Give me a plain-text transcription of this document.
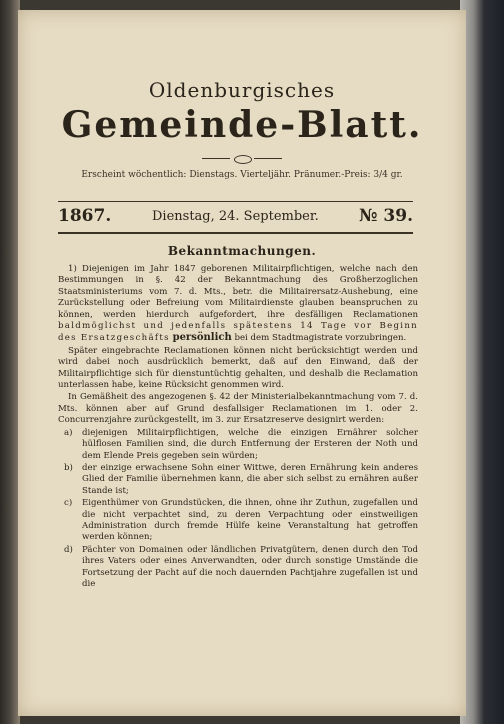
Oldenburgisches
Gemeinde-Blatt.
Erscheint wöchentlich: Dienstags. Vierteljähr. Pränumer.-Preis: 3/4 gr.
1867.	Dienstag, 24. September. № 39.
Bekanntmachungen.

1) Diejenigen im Jahr 1847 geborenen Militairpflichtigen, welche nach den Bestimmungen in §. 42 der Bekanntmachung des Großherzoglichen Staatsministeriums vom 7. d. Mts., betr. die Militairersatz-Aushebung, eine Zurückstellung oder Befreiung vom Militairdienste glauben beanspruchen zu können, werden hierdurch aufgefordert, ihre desfälligen Reclamationen baldmöglichst und jedenfalls spätestens 14 Tage vor Beginn des Ersatzgeschäfts persönlich bei dem Stadtmagistrate vorzubringen.

Später eingebrachte Reclamationen können nicht berücksichtigt werden und wird dabei noch ausdrücklich bemerkt, daß auf den Einwand, daß der Militairpflichtige sich für dienstuntüchtig gehalten, und deshalb die Reclamation unterlassen habe, keine Rücksicht genommen wird.

In Gemäßheit des angezogenen §. 42 der Ministerialbekanntmachung vom 7. d. Mts. können aber auf Grund desfallsiger Reclamationen im 1. oder 2. Concurrenzjahre zurückgestellt, im 3. zur Ersatzreserve designirt werden:

a) diejenigen Militairpflichtigen, welche die einzigen Ernährer solcher hülflosen Familien sind, die durch Entfernung der Ersteren der Noth und dem Elende Preis gegeben sein würden;
b) der einzige erwachsene Sohn einer Wittwe, deren Ernährung kein anderes Glied der Familie übernehmen kann, die aber sich selbst zu ernähren außer Stande ist;
c) Eigenthümer von Grundstücken, die ihnen, ohne ihr Zuthun, zugefallen und die nicht verpachtet sind, zu deren Verpachtung oder einstweiligen Administration durch fremde Hülfe keine Veranstaltung hat getroffen werden können;
d) Pächter von Domainen oder ländlichen Privatgütern, denen durch den Tod ihres Vaters oder eines Anverwandten, oder durch sonstige Umstände die Fortsetzung der Pacht auf die noch dauernden Pachtjahre zugefallen ist und die
